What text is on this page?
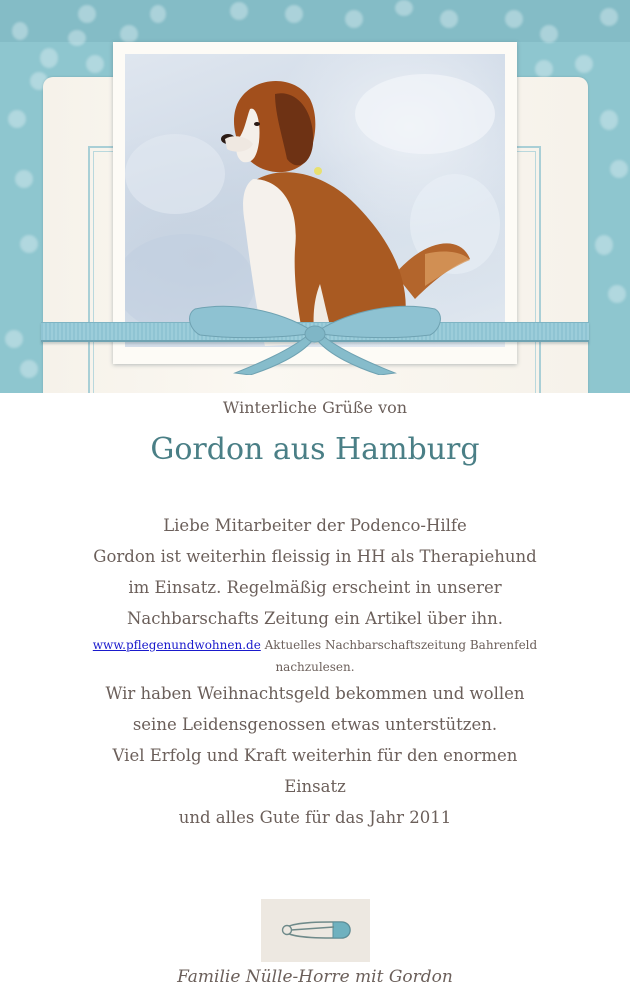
Winterliche Grüße von
Gordon aus Hamburg
Liebe Mitarbeiter der Podenco-Hilfe
Gordon ist weiterhin fleissig in HH als Therapiehund
im Einsatz. Regelmäßig erscheint in unserer
Nachbarschafts Zeitung ein Artikel über ihn.
www.pflegenundwohnen.de Aktuelles Nachbarschaftszeitung Bahrenfeld
nachzulesen.
Wir haben Weihnachtsgeld bekommen und wollen
seine Leidensgenossen etwas unterstützen.
Viel Erfolg und Kraft weiterhin für den enormen
Einsatz
und alles Gute für das Jahr 2011
Familie Nülle-Horre mit Gordon
